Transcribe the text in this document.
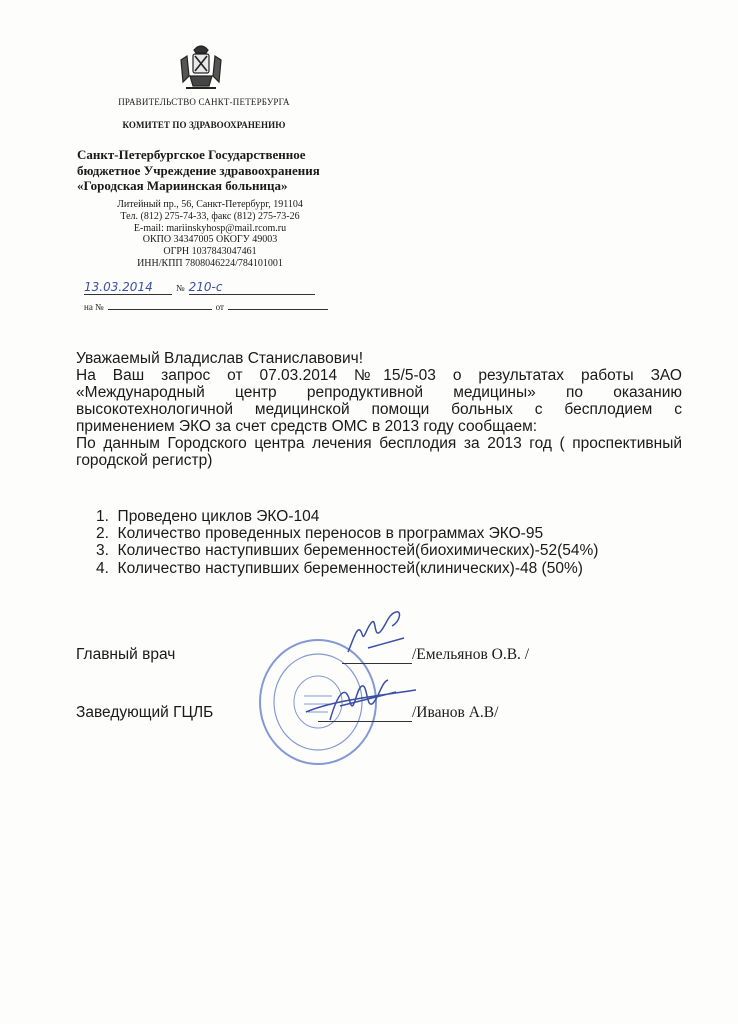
ПРАВИТЕЛЬСТВО САНКТ-ПЕТЕРБУРГА
КОМИТЕТ ПО ЗДРАВООХРАНЕНИЮ
Санкт-Петербургское Государственное
бюджетное Учреждение здравоохранения
«Городская Мариинская больница»
Литейный пр., 56, Санкт-Петербург, 191104
Тел. (812) 275-74-33, факс (812) 275-73-26
E-mail: mariinskyhosp@mail.rcom.ru
ОКПО 34347005 ОКОГУ 49003
ОГРН 1037843047461
ИНН/КПП 7808046224/784101001
13.03.2014	№ 210-с
на №	от
Уважаемый Владислав Станиславович!
На Ваш запрос от 07.03.2014 №15/5-03 о результатах работы ЗАО
«Международный центр репродуктивной медицины» по оказанию
высокотехнологичной медицинской помощи больных с бесплодием с
применением ЭКО за счет средств ОМС в 2013 году сообщаем:
По данным Городского центра лечения бесплодия за 2013 год ( проспективный
городской регистр)
1.  Проведено циклов ЭКО-104
2.  Количество проведенных переносов в программах ЭКО-95
3.  Количество наступивших беременностей(биохимических)-52(54%)
4.  Количество наступивших беременностей(клинических)-48 (50%)
Главный врач	/Емельянов О.В. /
Заведующий ГЦЛБ	/Иванов А.В/
